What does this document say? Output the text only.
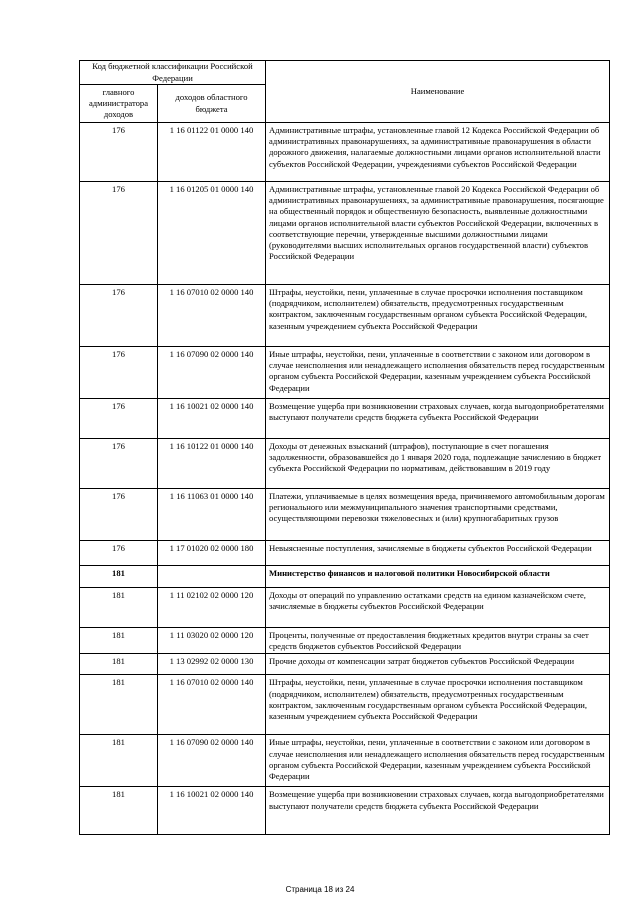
Код бюджетной классификации Российской Федерации		Наименование
главного администратора доходов	доходов областного бюджета	
176	1 16 01122 01 0000 140	Административные штрафы, установленные главой 12 Кодекса Российской Федерации об административных правонарушениях, за административные правонарушения в области дорожного движения, налагаемые должностными лицами органов исполнительной власти субъектов Российской Федерации, учреждениями субъектов Российской Федерации
176	1 16 01205 01 0000 140	Административные штрафы, установленные главой 20 Кодекса Российской Федерации об административных правонарушениях, за административные правонарушения, посягающие на общественный порядок и общественную безопасность, выявленные должностными лицами органов исполнительной власти субъектов Российской Федерации, включенных в соответствующие перечни, утвержденные высшими должностными лицами (руководителями высших исполнительных органов государственной власти) субъектов Российской Федерации
176	1 16 07010 02 0000 140	Штрафы, неустойки, пени, уплаченные в случае просрочки исполнения поставщиком (подрядчиком, исполнителем) обязательств, предусмотренных государственным контрактом, заключенным государственным органом субъекта Российской Федерации, казенным учреждением субъекта Российской Федерации
176	1 16 07090 02 0000 140	Иные штрафы, неустойки, пени, уплаченные в соответствии с законом или договором в случае неисполнения или ненадлежащего исполнения обязательств перед государственным органом субъекта Российской Федерации, казенным учреждением субъекта Российской Федерации
176	1 16 10021 02 0000 140	Возмещение ущерба при возникновении страховых случаев, когда выгодоприобретателями выступают получатели средств бюджета субъекта Российской Федерации
176	1 16 10122 01 0000 140	Доходы от денежных взысканий (штрафов), поступающие в счет погашения задолженности, образовавшейся до 1 января 2020 года, подлежащие зачислению в бюджет субъекта Российской Федерации по нормативам, действовавшим в 2019 году
176	1 16 11063 01 0000 140	Платежи, уплачиваемые в целях возмещения вреда, причиняемого автомобильным дорогам регионального или межмуниципального значения транспортными средствами, осуществляющими перевозки тяжеловесных и (или) крупногабаритных грузов
176	1 17 01020 02 0000 180	Невыясненные поступления, зачисляемые в бюджеты субъектов Российской Федерации
181		Министерство финансов и налоговой политики Новосибирской области
181	1 11 02102 02 0000 120	Доходы от операций по управлению остатками средств на едином казначейском счете, зачисляемые в бюджеты субъектов Российской Федерации
181	1 11 03020 02 0000 120	Проценты, полученные от предоставления бюджетных кредитов внутри страны за счет средств бюджетов субъектов Российской Федерации
181	1 13 02992 02 0000 130	Прочие доходы от компенсации затрат бюджетов субъектов Российской Федерации
181	1 16 07010 02 0000 140	Штрафы, неустойки, пени, уплаченные в случае просрочки исполнения поставщиком (подрядчиком, исполнителем) обязательств, предусмотренных государственным контрактом, заключенным государственным органом субъекта Российской Федерации, казенным учреждением субъекта Российской Федерации
181	1 16 07090 02 0000 140	Иные штрафы, неустойки, пени, уплаченные в соответствии с законом или договором в случае неисполнения или ненадлежащего исполнения обязательств перед государственным органом субъекта Российской Федерации, казенным учреждением субъекта Российской Федерации
181	1 16 10021 02 0000 140	Возмещение ущерба при возникновении страховых случаев, когда выгодоприобретателями выступают получатели средств бюджета субъекта Российской Федерации
Страница 18 из 24
